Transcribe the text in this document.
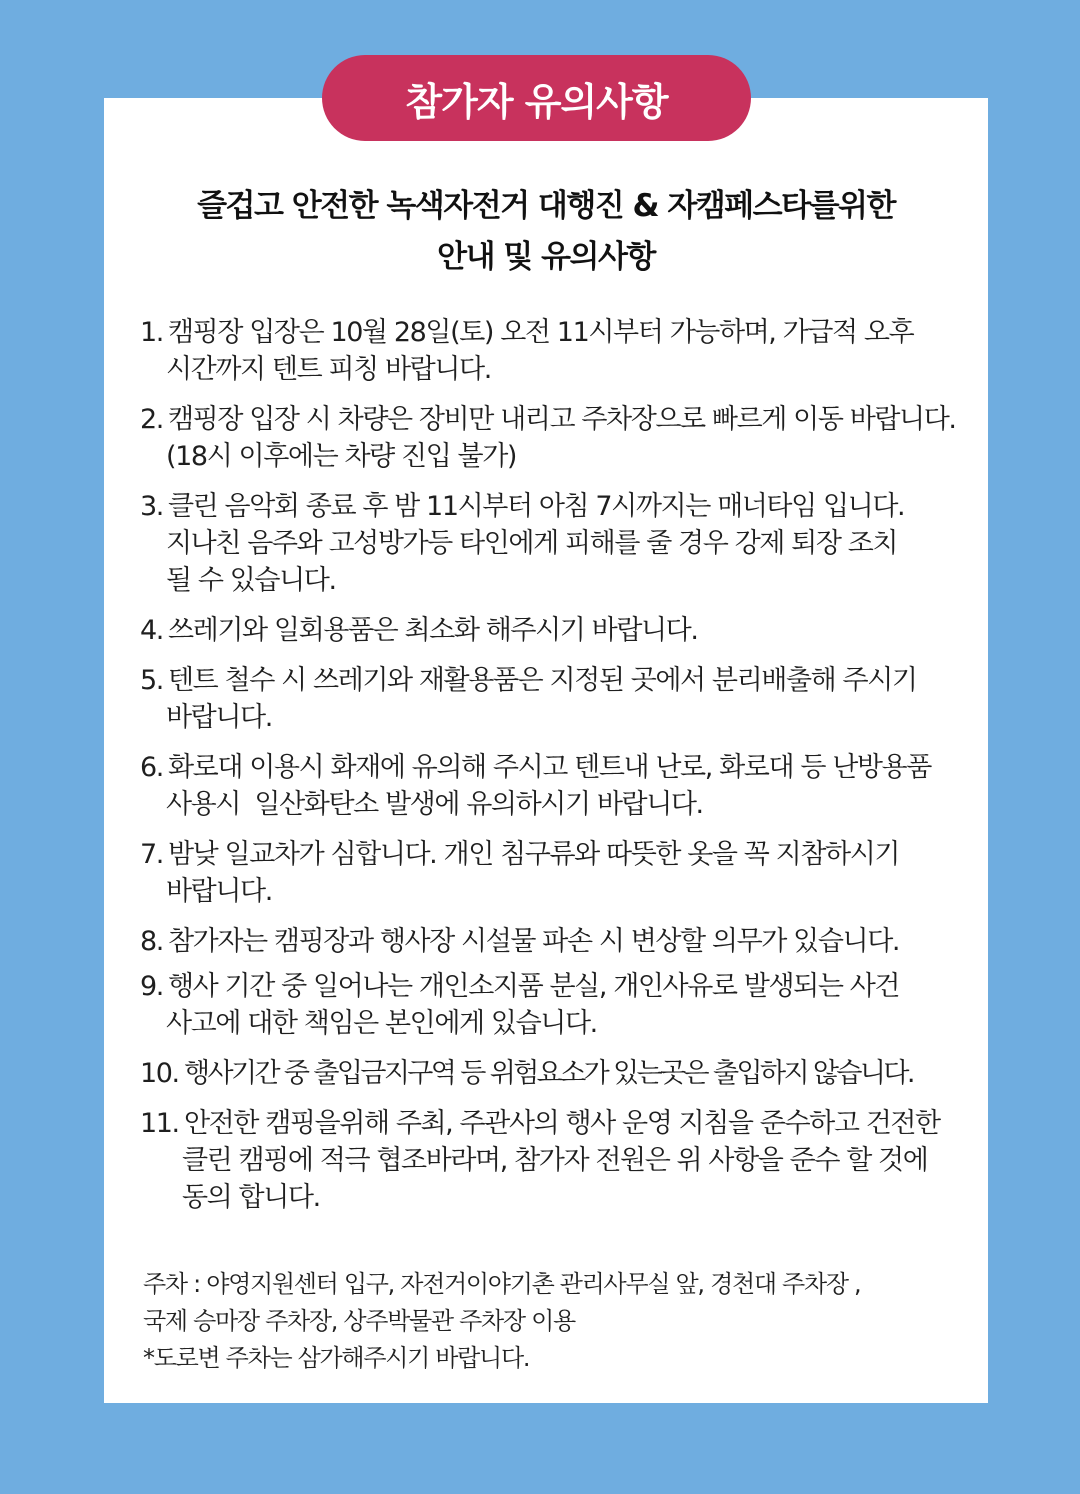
참가자 유의사항
즐겁고 안전한 녹색자전거 대행진 & 자캠페스타를위한
안내 및 유의사항
1. 캠핑장 입장은 10월 28일(토) 오전 11시부터 가능하며, 가급적 오후
시간까지 텐트 피칭 바랍니다.
2. 캠핑장 입장 시 차량은 장비만 내리고 주차장으로 빠르게 이동 바랍니다.
(18시 이후에는 차량 진입 불가)
3. 클린 음악회 종료 후 밤 11시부터 아침 7시까지는 매너타임 입니다.
지나친 음주와 고성방가등 타인에게 피해를 줄 경우 강제 퇴장 조치
될 수 있습니다.
4. 쓰레기와 일회용품은 최소화 해주시기 바랍니다.
5. 텐트 철수 시 쓰레기와 재활용품은 지정된 곳에서 분리배출해 주시기
바랍니다.
6. 화로대 이용시 화재에 유의해 주시고 텐트내 난로, 화로대 등 난방용품
사용시  일산화탄소 발생에 유의하시기 바랍니다.
7. 밤낮 일교차가 심합니다. 개인 침구류와 따뜻한 옷을 꼭 지참하시기
바랍니다.
8. 참가자는 캠핑장과 행사장 시설물 파손 시 변상할 의무가 있습니다.
9. 행사 기간 중 일어나는 개인소지품 분실, 개인사유로 발생되는 사건
사고에 대한 책임은 본인에게 있습니다.
10. 행사기간 중 출입금지구역 등 위험요소가 있는곳은 출입하지 않습니다.
11. 안전한 캠핑을위해 주최, 주관사의 행사 운영 지침을 준수하고 건전한
클린 캠핑에 적극 협조바라며, 참가자 전원은 위 사항을 준수 할 것에
동의 합니다.
주차 : 야영지원센터 입구, 자전거이야기촌 관리사무실 앞, 경천대 주차장 ,
국제 승마장 주차장, 상주박물관 주차장 이용
*도로변 주차는 삼가해주시기 바랍니다.
